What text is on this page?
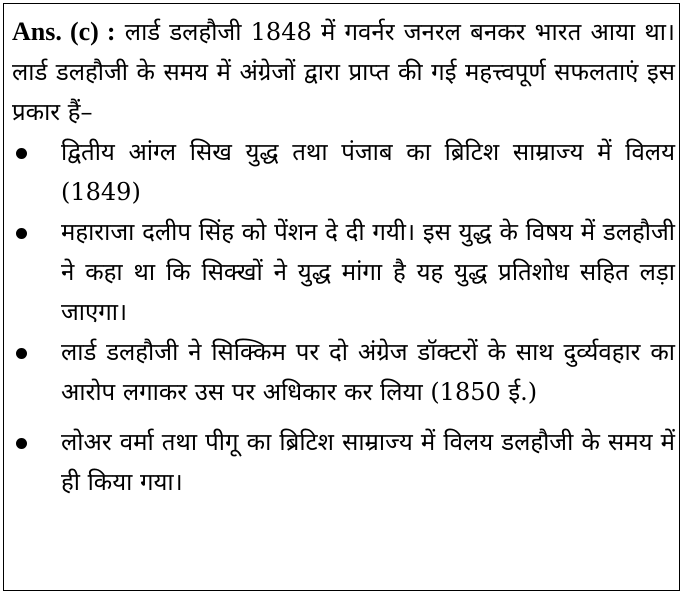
Ans. (c) : लार्ड डलहौजी 1848 में गवर्नर जनरल बनकर भारत आया था। लार्ड डलहौजी के समय में अंग्रेजों द्वारा प्राप्त की गई महत्त्वपूर्ण सफलताएं इस प्रकार हैं–
द्वितीय आंग्ल सिख युद्ध तथा पंजाब का ब्रिटिश साम्राज्य में विलय (1849)
महाराजा दलीप सिंह को पेंशन दे दी गयी। इस युद्ध के विषय में डलहौजी ने कहा था कि सिक्खों ने युद्ध मांगा है यह युद्ध प्रतिशोध सहित लड़ा जाएगा।
लार्ड डलहौजी ने सिक्किम पर दो अंग्रेज डॉक्टरों के साथ दुर्व्यवहार का आरोप लगाकर उस पर अधिकार कर लिया (1850 ई.)
लोअर वर्मा तथा पीगू का ब्रिटिश साम्राज्य में विलय डलहौजी के समय में ही किया गया।
